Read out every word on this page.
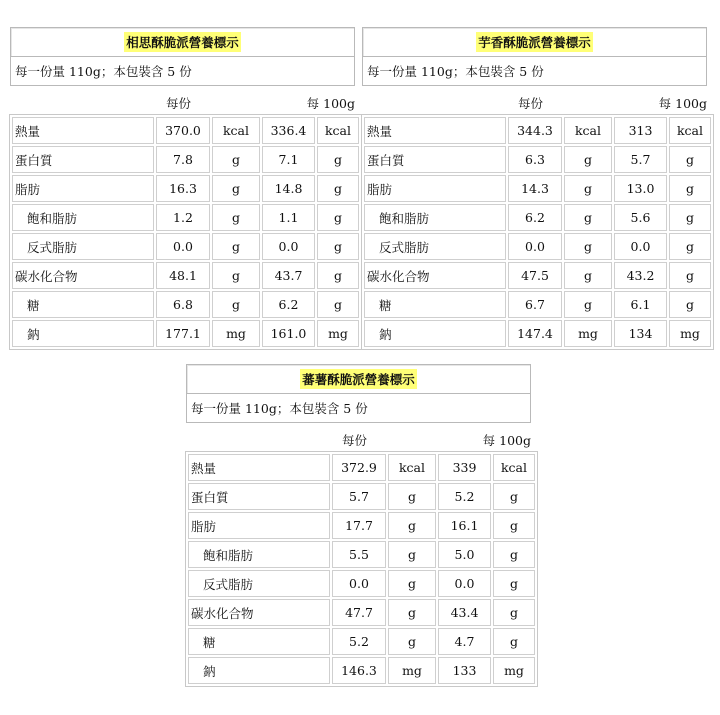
相思酥脆派營養標示
每一份量 110g；本包裝含 5 份
每份	每 100g
熱量	370.0	kcal	336.4	kcal
蛋白質	7.8	g	7.1	g
脂肪	16.3	g	14.8	g
飽和脂肪	1.2	g	1.1	g
反式脂肪	0.0	g	0.0	g
碳水化合物	48.1	g	43.7	g
糖	6.8	g	6.2	g
鈉	177.1	mg	161.0	mg
芋香酥脆派營養標示
每一份量 110g；本包裝含 5 份
每份	每 100g
熱量	344.3	kcal	313	kcal
蛋白質	6.3	g	5.7	g
脂肪	14.3	g	13.0	g
飽和脂肪	6.2	g	5.6	g
反式脂肪	0.0	g	0.0	g
碳水化合物	47.5	g	43.2	g
糖	6.7	g	6.1	g
鈉	147.4	mg	134	mg
蕃薯酥脆派營養標示
每一份量 110g；本包裝含 5 份
每份	每 100g
熱量	372.9	kcal	339	kcal
蛋白質	5.7	g	5.2	g
脂肪	17.7	g	16.1	g
飽和脂肪	5.5	g	5.0	g
反式脂肪	0.0	g	0.0	g
碳水化合物	47.7	g	43.4	g
糖	5.2	g	4.7	g
鈉	146.3	mg	133	mg
